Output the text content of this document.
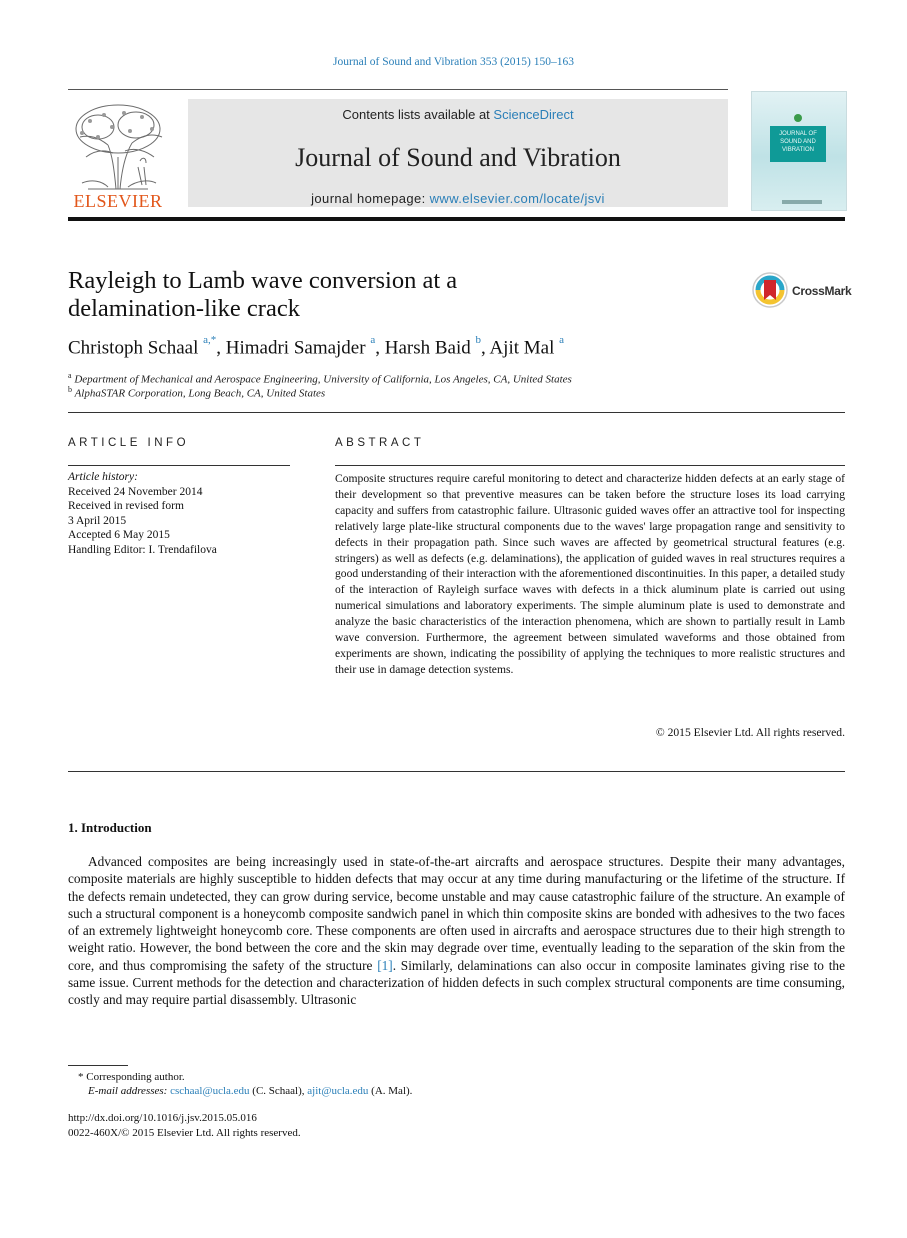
Journal of Sound and Vibration 353 (2015) 150–163
ELSEVIER
Contents lists available at ScienceDirect
Journal of Sound and Vibration
journal homepage: www.elsevier.com/locate/jsvi
JOURNAL OF SOUND AND VIBRATION
Rayleigh to Lamb wave conversion at a
delamination-like crack
CrossMark
Christoph Schaal $^{a,*}$, Himadri Samajder $^a$, Harsh Baid $^b$, Ajit Mal $^a$
$^a$ Department of Mechanical and Aerospace Engineering, University of California, Los Angeles, CA, United States
$^b$ AlphaSTAR Corporation, Long Beach, CA, United States
ARTICLE INFO	ABSTRACT
Article history:
Received 24 November 2014
Received in revised form
3 April 2015
Accepted 6 May 2015
Handling Editor: I. Trendafilova

Composite structures require careful monitoring to detect and characterize hidden defects at an early stage of their development so that preventive measures can be taken before the structure loses its load carrying capacity and suffers from catastrophic failure. Ultrasonic guided waves offer an attractive tool for inspecting relatively large plate-like structural components due to the waves' large propagation range and sensitivity to defects in their propagation path. Since such waves are affected by geometrical structural features (e.g. stringers) as well as defects (e.g. delaminations), the application of guided waves in real structures requires a good understanding of their interaction with the aforementioned discontinuities. In this paper, a detailed study of the interaction of Rayleigh surface waves with defects in a thick aluminum plate is carried out using numerical simulations and laboratory experiments. The simple aluminum plate is used to demonstrate and analyze the basic characteristics of the interaction phenomena, which are shown to partially result in Lamb wave conversion. Furthermore, the agreement between simulated waveforms and those obtained from experiments are shown, indicating the possibility of applying the techniques to more realistic structures and their use in damage detection systems.

© 2015 Elsevier Ltd. All rights reserved.
1. Introduction

Advanced composites are being increasingly used in state-of-the-art aircrafts and aerospace structures. Despite their many advantages, composite materials are highly susceptible to hidden defects that may occur at any time during manufacturing or the lifetime of the structure. If the defects remain undetected, they can grow during service, become unstable and may cause catastrophic failure of the structure. An example of such a structural component is a honeycomb composite sandwich panel in which thin composite skins are bonded with adhesives to the two faces of an extremely lightweight honeycomb core. These components are often used in aircrafts and aerospace structures due to their high strength to weight ratio. However, the bond between the core and the skin may degrade over time, eventually leading to the separation of the skin from the core, and thus compromising the safety of the structure [1]. Similarly, delaminations can also occur in composite laminates giving rise to the same issue. Current methods for the detection and characterization of hidden defects in such complex structural components are time consuming, costly and may require partial disassembly. Ultrasonic

* Corresponding author.
E-mail addresses: cschaal@ucla.edu (C. Schaal), ajit@ucla.edu (A. Mal).
http://dx.doi.org/10.1016/j.jsv.2015.05.016
0022-460X/© 2015 Elsevier Ltd. All rights reserved.
